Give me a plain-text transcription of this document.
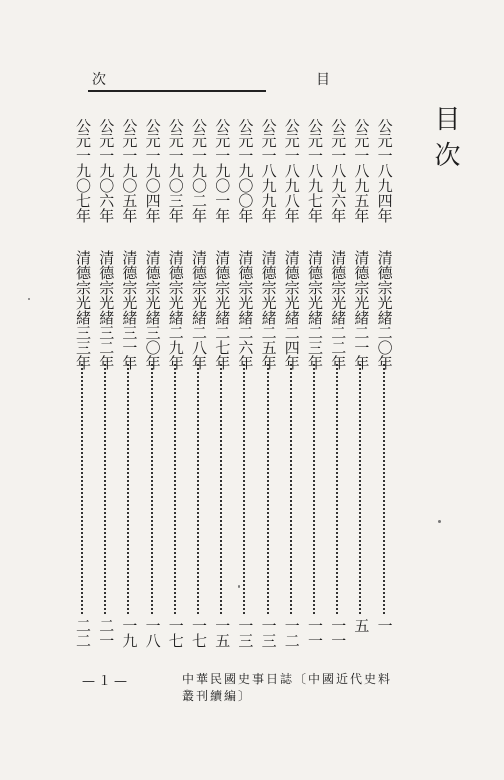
次	目
目次
公元一八九四年
清德宗光緒二〇年
一
公元一八九五年
清德宗光緒二一年
五
公元一八九六年
清德宗光緒二二年
一一
公元一八九七年
清德宗光緒二三年
一一
公元一八九八年
清德宗光緒二四年
一二
公元一八九九年
清德宗光緒二五年
一三
公元一九〇〇年
清德宗光緒二六年
一三
公元一九〇一年
清德宗光緒二七年
一五
公元一九〇二年
清德宗光緒二八年
一七
公元一九〇三年
清德宗光緒二九年
一七
公元一九〇四年
清德宗光緒三〇年
一八
公元一九〇五年
清德宗光緒三一年
一九
公元一九〇六年
清德宗光緒三二年
二一
公元一九〇七年
清德宗光緒三三年
二二
—１—	中華民國史事日誌〔中國近代史料叢刊續編〕
